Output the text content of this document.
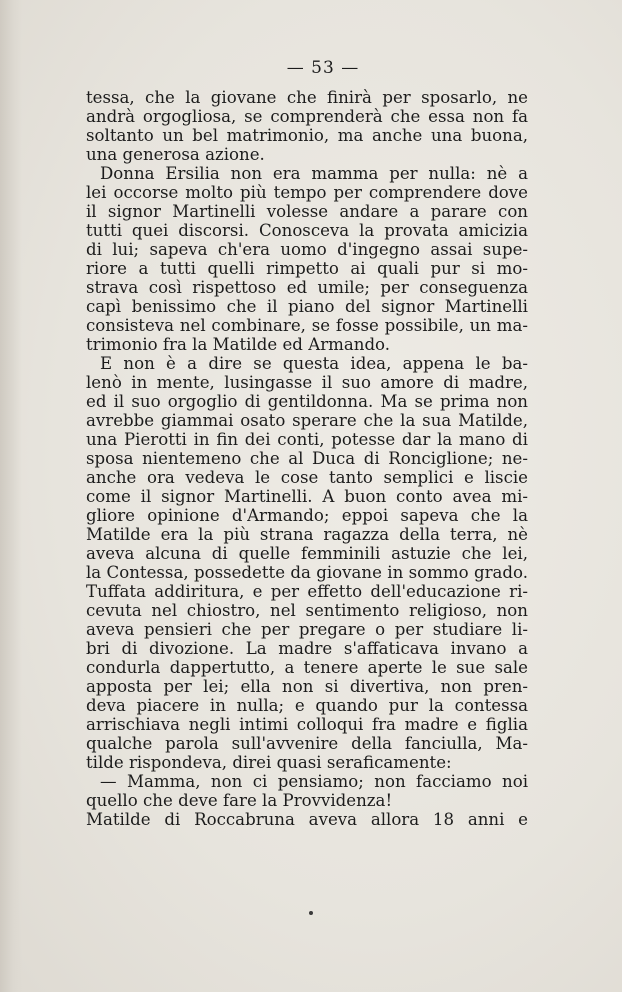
— 53 —
tessa, che la giovane che finirà per sposarlo, ne
andrà orgogliosa, se comprenderà che essa non fa
soltanto un bel matrimonio, ma anche una buona,
una generosa azione.
Donna Ersilia non era mamma per nulla: nè a
lei occorse molto più tempo per comprendere dove
il signor Martinelli volesse andare a parare con
tutti quei discorsi. Conosceva la provata amicizia
di lui; sapeva ch'era uomo d'ingegno assai supe-
riore a tutti quelli rimpetto ai quali pur si mo-
strava così rispettoso ed umile; per conseguenza
capì benissimo che il piano del signor Martinelli
consisteva nel combinare, se fosse possibile, un ma-
trimonio fra la Matilde ed Armando.
E non è a dire se questa idea, appena le ba-
lenò in mente, lusingasse il suo amore di madre,
ed il suo orgoglio di gentildonna. Ma se prima non
avrebbe giammai osato sperare che la sua Matilde,
una Pierotti in fin dei conti, potesse dar la mano di
sposa nientemeno che al Duca di Ronciglione; ne-
anche ora vedeva le cose tanto semplici e liscie
come il signor Martinelli. A buon conto avea mi-
gliore opinione d'Armando; eppoi sapeva che la
Matilde era la più strana ragazza della terra, nè
aveva alcuna di quelle femminili astuzie che lei,
la Contessa, possedette da giovane in sommo grado.
Tuffata addiritura, e per effetto dell'educazione ri-
cevuta nel chiostro, nel sentimento religioso, non
aveva pensieri che per pregare o per studiare li-
bri di divozione. La madre s'affaticava invano a
condurla dappertutto, a tenere aperte le sue sale
apposta per lei; ella non si divertiva, non pren-
deva piacere in nulla; e quando pur la contessa
arrischiava negli intimi colloqui fra madre e figlia
qualche parola sull'avvenire della fanciulla, Ma-
tilde rispondeva, direi quasi seraficamente:
— Mamma, non ci pensiamo; non facciamo noi
quello che deve fare la Provvidenza!
Matilde di Roccabruna aveva allora 18 anni e
